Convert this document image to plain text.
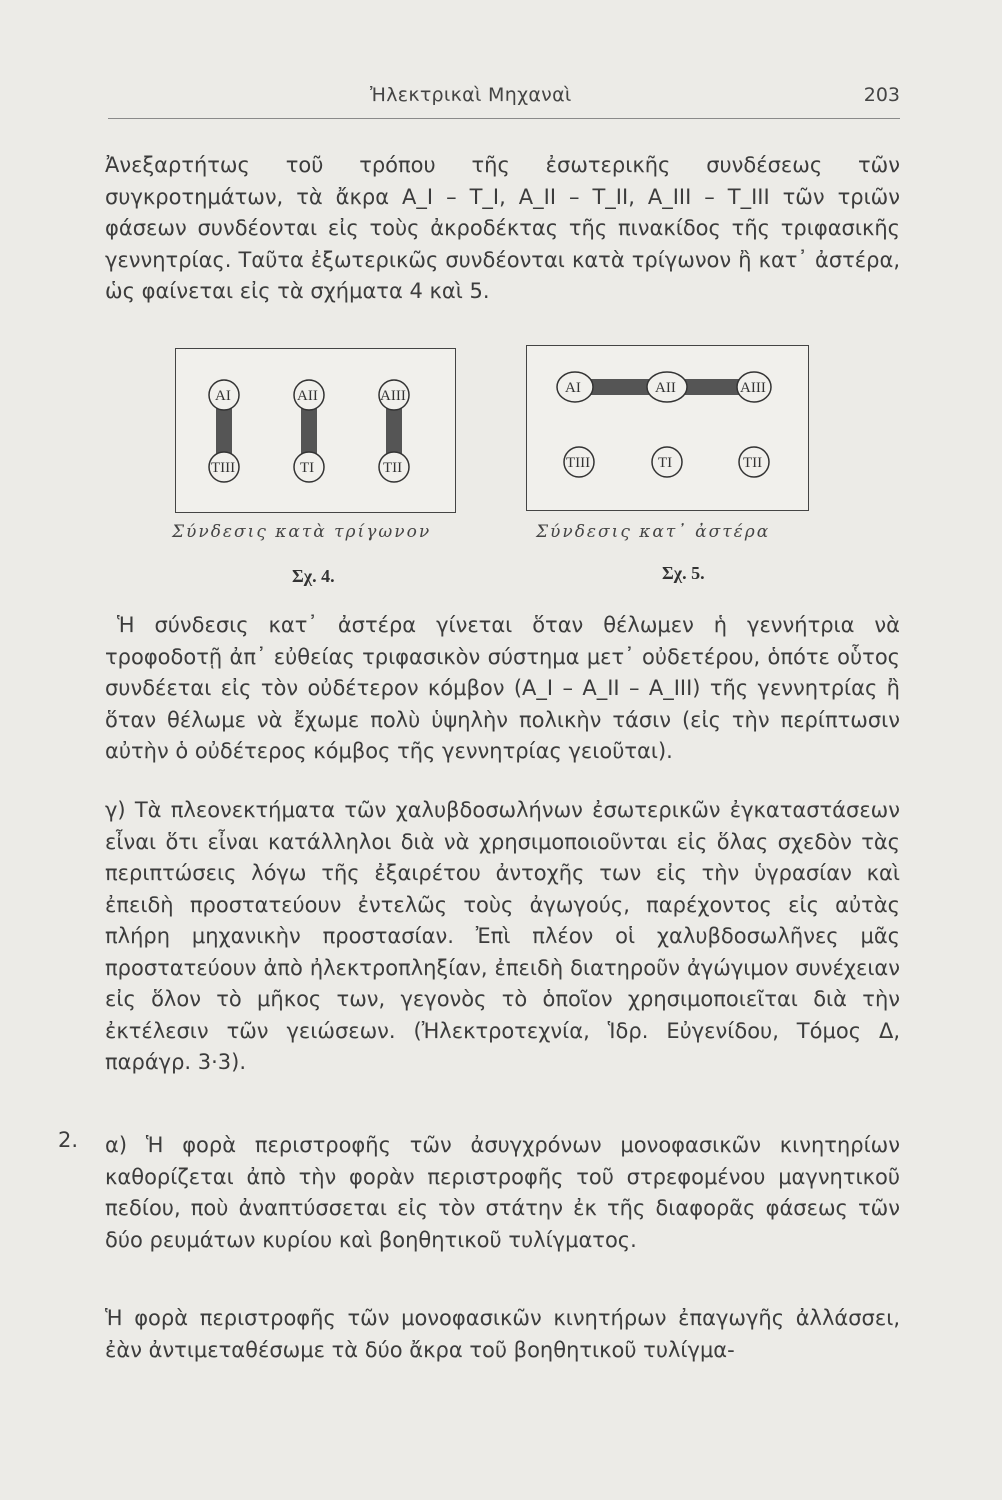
Ἠλεκτρικαὶ Μηχαναὶ	203
Ἀνεξαρτήτως τοῦ τρόπου τῆς ἐσωτερικῆς συνδέσεως τῶν συγκροτημάτων, τὰ ἄκρα A_I – T_I, A_II – T_II, A_III – T_III τῶν τριῶν φάσεων συνδέονται εἰς τοὺς ἀκροδέκτας τῆς πινακίδος τῆς τριφασικῆς γεννητρίας. Ταῦτα ἐξωτερικῶς συνδέονται κατὰ τρίγωνον ἢ κατ᾽ ἀστέρα, ὡς φαίνεται εἰς τὰ σχήματα 4 καὶ 5.
AI	AII	AIII
TIII	TI	TII
Σύνδεσις κατὰ τρίγωνον
Σχ. 4.
AI	AII	AIII
TIII	TI	TII
Σύνδεσις κατ᾽ ἀστέρα
Σχ. 5.
Ἡ σύνδεσις κατ᾽ ἀστέρα γίνεται ὅταν θέλωμεν ἡ γεννήτρια νὰ τροφοδοτῇ ἀπ᾽ εὐθείας τριφασικὸν σύστημα μετ᾽ οὐδετέρου, ὁπότε οὗτος συνδέεται εἰς τὸν οὐδέτερον κόμβον (A_I – A_II – A_III) τῆς γεννητρίας ἢ ὅταν θέλωμε νὰ ἔχωμε πολὺ ὑψηλὴν πολικὴν τάσιν (εἰς τὴν περίπτωσιν αὐτὴν ὁ οὐδέτερος κόμβος τῆς γεννητρίας γειοῦται).
γ) Τὰ πλεονεκτήματα τῶν χαλυβδοσωλήνων ἐσωτερικῶν ἐγκαταστάσεων εἶναι ὅτι εἶναι κατάλληλοι διὰ νὰ χρησιμοποιοῦνται εἰς ὅλας σχεδὸν τὰς περιπτώσεις λόγω τῆς ἐξαιρέτου ἀντοχῆς των εἰς τὴν ὑγρασίαν καὶ ἐπειδὴ προστατεύουν ἐντελῶς τοὺς ἀγωγούς, παρέχοντος εἰς αὐτὰς πλήρη μηχανικὴν προστασίαν. Ἐπὶ πλέον οἱ χαλυβδοσωλῆνες μᾶς προστατεύουν ἀπὸ ἠλεκτροπληξίαν, ἐπειδὴ διατηροῦν ἀγώγιμον συνέχειαν εἰς ὅλον τὸ μῆκος των, γεγονὸς τὸ ὁποῖον χρησιμοποιεῖται διὰ τὴν ἐκτέλεσιν τῶν γειώσεων. (Ἠλεκτροτεχνία, Ἱδρ. Εὐγενίδου, Τόμος Δ, παράγρ. 3·3).
2. α) Ἡ φορὰ περιστροφῆς τῶν ἀσυγχρόνων μονοφασικῶν κινητηρίων καθορίζεται ἀπὸ τὴν φορὰν περιστροφῆς τοῦ στρεφομένου μαγνητικοῦ πεδίου, ποὺ ἀναπτύσσεται εἰς τὸν στάτην ἐκ τῆς διαφορᾶς φάσεως τῶν δύο ρευμάτων κυρίου καὶ βοηθητικοῦ τυλίγματος.
Ἡ φορὰ περιστροφῆς τῶν μονοφασικῶν κινητήρων ἐπαγωγῆς ἀλλάσσει, ἐὰν ἀντιμεταθέσωμε τὰ δύο ἄκρα τοῦ βοηθητικοῦ τυλίγμα-
